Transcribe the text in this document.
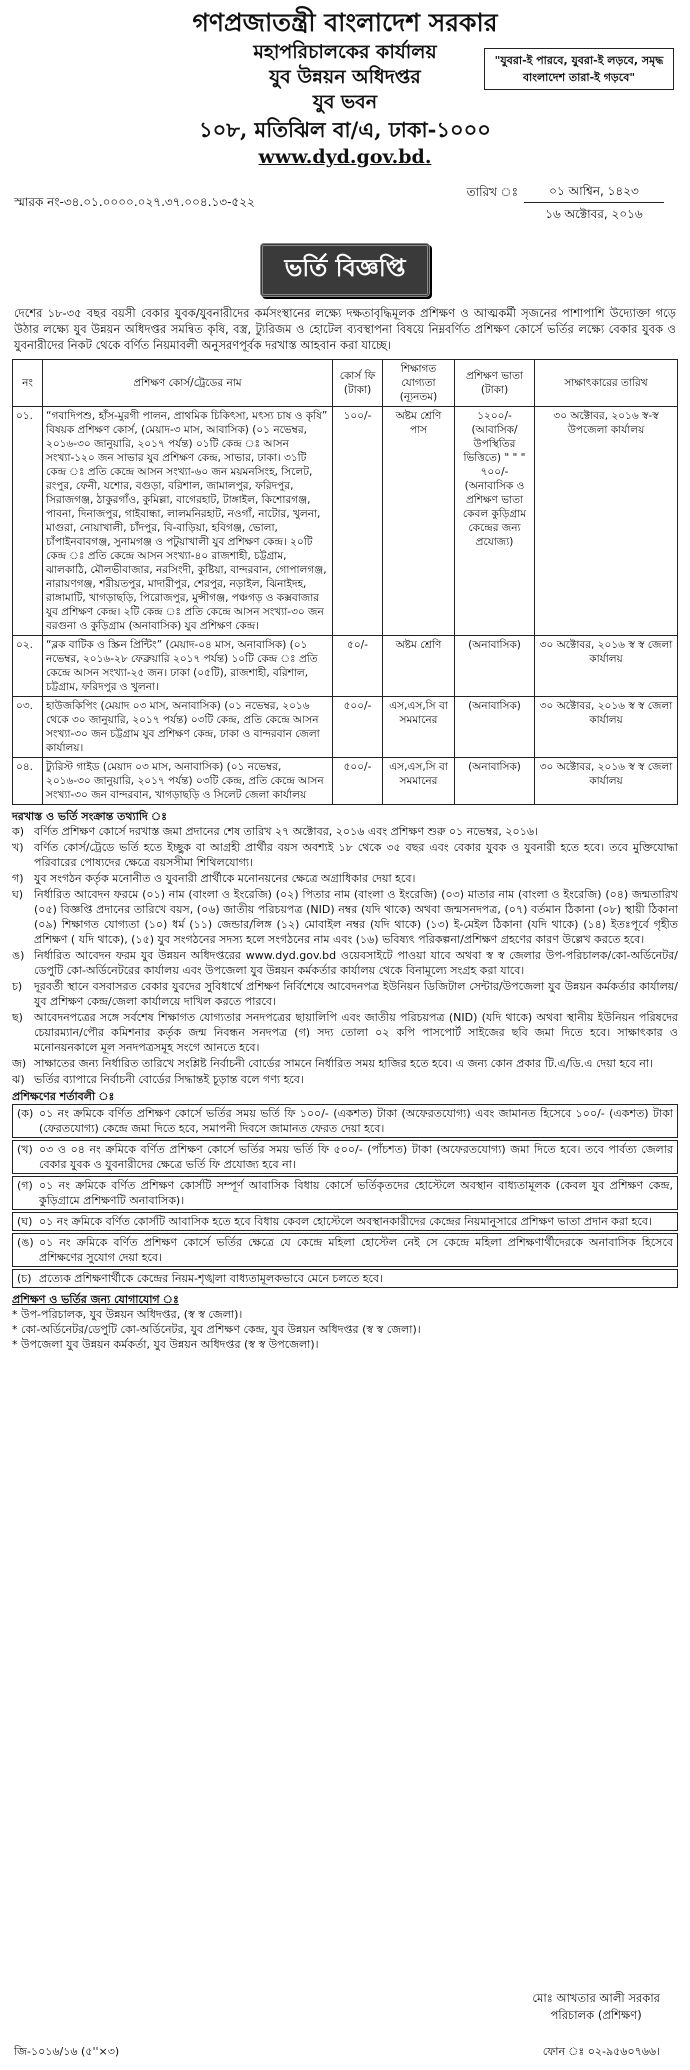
গণপ্রজাতন্ত্রী বাংলাদেশ সরকার
মহাপরিচালকের কার্যালয়
যুব উন্নয়ন অধিদপ্তর
যুব ভবন
১০৮, মতিঝিল বা/এ, ঢাকা-১০০০
www.dyd.gov.bd.
"যুবরা-ই পারবে, যুবরা-ই লড়বে, সমৃদ্ধ বাংলাদেশ তারা-ই গড়বে"
স্মারক নং-৩৪.০১.০০০০.০২৭.৩৭.০০৪.১৩-৫২২
০১ আশ্বিন, ১৪২৩
তারিখ ঃ
১৬ অক্টোবর, ২০১৬
ভর্তি বিজ্ঞপ্তি
দেশের ১৮-৩৫ বছর বয়সী বেকার যুবক/যুবনারীদের কর্মসংস্থানের লক্ষ্যে দক্ষতাবৃদ্ধিমূলক প্রশিক্ষণ ও আত্মকর্মী সৃজনের পাশাপাশি উদ্যোক্তা গড়ে উঠার লক্ষ্যে যুব উন্নয়ন অধিদপ্তর সমন্বিত কৃষি, বস্ত্র, ট্যুরিজম ও হোটেল ব্যবস্থাপনা বিষয়ে নিম্নবর্ণিত প্রশিক্ষণ কোর্সে ভর্তির লক্ষ্যে বেকার যুবক ও যুবনারীদের নিকট থেকে বর্ণিত নিয়মাবলী অনুসরণপূর্বক দরখাস্ত আহবান করা যাচ্ছে।
নং	প্রশিক্ষণ কোর্স/ট্রেডের নাম	কোর্স ফি (টাকা)	শিক্ষাগত যোগ্যতা (ন্যূনতম)	প্রশিক্ষণ ভাতা (টাকা)	সাক্ষাৎকারের তারিখ
০১.	“গবাদিপশু, হাঁস-মুরগী পালন, প্রাথমিক চিকিৎসা, মৎস্য চাষ ও কৃষি” বিষয়ক প্রশিক্ষণ কোর্স, (মেয়াদ-৩ মাস, আবাসিক) (০১ নভেম্বর, ২০১৬-৩০ জানুয়ারি, ২০১৭ পর্যন্ত) ০১টি কেন্দ্র ঃ আসন সংখ্যা-১২০ জন সাভার যুব প্রশিক্ষণ কেন্দ্র, সাভার, ঢাকা। ৩১টি কেন্দ্র ঃ প্রতি কেন্দ্রে আসন সংখ্যা-৬০ জন ময়মনসিংহ, সিলেট, রংপুর, ফেনী, যশোর, বগুড়া, বরিশাল, জামালপুর, ফরিদপুর, সিরাজগঞ্জ, ঠাকুরগাঁও, কুমিল্লা, বাগেরহাট, টাঙ্গাইল, কিশোরগঞ্জ, পাবনা, দিনাজপুর, গাইবান্ধা, লালমনিরহাট, নওগাঁ, নাটোর, খুলনা, মাগুরা, নোয়াখালী, চাঁদপুর, বি-বাড়িয়া, হবিগঞ্জ, ভোলা, চাঁপাইনবাবগঞ্জ, সুনামগঞ্জ ও পটুয়াখালী যুব প্রশিক্ষণ কেন্দ্র। ২০টি কেন্দ্র ঃ প্রতি কেন্দ্রে আসন সংখ্যা-৪০ রাজশাহী, চট্টগ্রাম, ঝালকাঠি, মৌলভীবাজার, নরসিংদী, কুষ্টিয়া, বান্দরবান, গোপালগঞ্জ, নারায়ণগঞ্জ, শরীয়তপুর, মাদারীপুর, শেরপুর, নড়াইল, ঝিনাইদহ, রাঙ্গামাটি, খাগড়াছড়ি, পিরোজপুর, মুন্সীগঞ্জ, পঞ্চগড় ও কক্সবাজার যুব প্রশিক্ষণ কেন্দ্র। ২টি কেন্দ্র ঃ প্রতি কেন্দ্রে আসন সংখ্যা-৩০ জন বরগুনা ও কুড়িগ্রাম (অনাবাসিক) যুব প্রশিক্ষণ কেন্দ্র।	১০০/-	অষ্টম শ্রেণি পাস	১২০০/- (আবাসিক/ উপস্থিতির ভিত্তিতে) " " " ৭০০/- (অনাবাসিক ও প্রশিক্ষণ ভাতা কেবল কুড়িগ্রাম কেন্দ্রের জন্য প্রযোজ্য)	৩০ অক্টোবর, ২০১৬ স্ব-স্ব উপজেলা কার্যালয়
০২.	“ব্লক বাটিক ও স্ক্রিন প্রিন্টিং” (মেয়াদ-০৪ মাস, অনাবাসিক) (০১ নভেম্বর, ২০১৬-২৮ ফেব্রুয়ারি ২০১৭ পর্যন্ত) ১০টি কেন্দ্র ঃ প্রতি কেন্দ্রে আসন সংখ্যা-২৫ জন। ঢাকা (০৫টি), রাজশাহী, বরিশাল, চট্টগ্রাম, ফরিদপুর ও খুলনা।	৫০/-	অষ্টম শ্রেণি	(অনাবাসিক)	৩০ অক্টোবর, ২০১৬ স্ব স্ব জেলা কার্যালয়
০৩.	হাউজকিপিং (মেয়াদ ০৩ মাস, অনাবাসিক) (০১ নভেম্বর, ২০১৬ থেকে ৩০ জানুয়ারি, ২০১৭ পর্যন্ত) ০৩টি কেন্দ্র, প্রতি কেন্দ্রে আসন সংখ্যা-৩০ জন চট্টগ্রাম যুব প্রশিক্ষণ কেন্দ্র, ঢাকা ও বান্দরবান জেলা কার্যালয়।	৫০০/-	এস,এস,সি বা সমমানের	(অনাবাসিক)	৩০ অক্টোবর, ২০১৬ স্ব স্ব জেলা কার্যালয়
০৪.	ট্যুরিস্ট গাইড (মেয়াদ ০৩ মাস, অনাবাসিক) (০১ নভেম্বর, ২০১৬-৩০ জানুয়ারি, ২০১৭ পর্যন্ত) ০৩টি কেন্দ্র, প্রতি কেন্দ্রে আসন সংখ্যা-৩০ জন বান্দরবান, খাগড়াছড়ি ও সিলেট জেলা কার্যালয়	৫০০/-	এস,এস,সি বা সমমানের	(অনাবাসিক)	৩০ অক্টোবর, ২০১৬ স্ব স্ব জেলা কার্যালয়
দরখাস্ত ও ভর্তি সংক্রান্ত তথ্যাদি ঃ
ক) বর্ণিত প্রশিক্ষণ কোর্সে দরখাস্ত জমা প্রদানের শেষ তারিখ ২৭ অক্টোবর, ২০১৬ এবং প্রশিক্ষণ শুরু ০১ নভেম্বর, ২০১৬।
খ) বর্ণিত কোর্স/ট্রেডে ভর্তি হতে ইচ্ছুক বা আগ্রহী প্রার্থীর বয়স অবশ্যই ১৮ থেকে ৩৫ বছর এবং বেকার যুবক ও যুবনারী হতে হবে। তবে মুক্তিযোদ্ধা পরিবারের পোষ্যদের ক্ষেত্রে বয়সসীমা শিথিলযোগ্য।
গ) যুব সংগঠন কর্তৃক মনোনীত ও যুবনারী প্রার্থীকে মনোনয়নের ক্ষেত্রে অগ্রাধিকার দেয়া হবে।
ঘ) নির্ধারিত আবেদন ফরমে (০১) নাম (বাংলা ও ইংরেজি) (০২) পিতার নাম (বাংলা ও ইংরেজি) (০৩) মাতার নাম (বাংলা ও ইংরেজি) (০৪) জন্মতারিখ (০৫) বিজ্ঞপ্তি প্রদানের তারিখে বয়স, (০৬) জাতীয় পরিচয়পত্র (NID) নম্বর (যদি থাকে) অথবা জন্মসনদপত্র, (০৭) বর্তমান ঠিকানা (০৮) স্থায়ী ঠিকানা (০৯) শিক্ষাগত যোগ্যতা (১০) ধর্ম (১১) জেন্ডার/লিঙ্গ (১২) মোবাইল নম্বর (যদি থাকে) (১৩) ই-মেইল ঠিকানা (যদি থাকে) (১৪) ইতঃপূর্বে গৃহীত প্রশিক্ষণ ( যদি থাকে), (১৫) যুব সংগঠনের সদস্য হলে সংগঠনের নাম এবং (১৬) ভবিষ্যৎ পরিকল্পনা/প্রশিক্ষণ গ্রহণের কারণ উল্লেখ করতে হবে।
ঙ) নির্ধারিত আবেদন ফরম যুব উন্নয়ন অধিদপ্তরের www.dyd.gov.bd ওয়েবসাইটে পাওয়া যাবে অথবা স্ব স্ব জেলার উপ-পরিচালক/কো-অর্ডিনেটর/ডেপুটি কো-অর্ডিনেটরের কার্যালয় এবং উপজেলা যুব উন্নয়ন কর্মকর্তার কার্যালয় থেকে বিনামূল্যে সংগ্রহ করা যাবে।
চ)	দূরবর্তী স্থানে বসবাসরত বেকার যুবদের সুবিধার্থে প্রশিক্ষণ নির্বিশেষে আবেদনপত্র ইউনিয়ন ডিজিটাল সেন্টার/উপজেলা যুব উন্নয়ন কর্মকর্তার কার্যালয়/যুব প্রশিক্ষণ কেন্দ্র/জেলা কার্যালয়ে দাখিল করতে পারবে।
ছ)	আবেদনপত্রের সঙ্গে সর্বশেষ শিক্ষাগত যোগ্যতার সনদপত্রের ছায়ালিপি এবং জাতীয় পরিচয়পত্র (NID) (যদি থাকে) অথবা স্থানীয় ইউনিয়ন পরিষদের চেয়ারম্যান/পৌর কমিশনার কর্তৃক জন্ম নিবন্ধন সনদপত্র (গ) সদ্য তোলা ০২ কপি পাসপোর্ট সাইজের ছবি জমা দিতে হবে। সাক্ষাৎকার ও মনোনয়নকালে মূল সনদপত্রসমূহ সংগে আনতে হবে।
জ) সাক্ষাতের জন্য নির্ধারিত তারিখে সংশ্লিষ্ট নির্বাচনী বোর্ডের সামনে নির্ধারিত সময় হাজির হতে হবে। এ জন্য কোন প্রকার টি.এ/ডি.এ দেয়া হবে না।
ঝ) ভর্তির ব্যাপারে নির্বাচনী বোর্ডের সিদ্ধান্তই চূড়ান্ত বলে গণ্য হবে।
প্রশিক্ষণের শর্তাবলী ঃ
(ক) ০১ নং ক্রমিকে বর্ণিত প্রশিক্ষণ কোর্সে ভর্তির সময় ভর্তি ফি ১০০/- (একশত) টাকা (অফেরতযোগ্য) এবং জামানত হিসেবে ১০০/- (একশত) টাকা (ফেরতযোগ্য) কেন্দ্রে জমা দিতে হবে, সমাপনী দিবসে জামানত ফেরত দেয়া হবে।
(খ) ০৩ ও ০৪ নং ক্রমিকে বর্ণিত প্রশিক্ষণ কোর্সে ভর্তির সময় ভর্তি ফি ৫০০/- (পাঁচশত) টাকা (অফেরতযোগ্য) জমা দিতে হবে। তবে পার্বত্য জেলার বেকার যুবক ও যুবনারীদের ক্ষেত্রে ভর্তি ফি প্রযোজ্য হবে না।
(গ) ০১ নং ক্রমিকে বর্ণিত প্রশিক্ষণ কোর্সটি সম্পূর্ণ আবাসিক বিধায় কোর্সে ভর্তিকৃতদের হোস্টেলে অবস্থান বাধ্যতামূলক (কেবল যুব প্রশিক্ষণ কেন্দ্র, কুড়িগ্রামে প্রশিক্ষণটি অনাবাসিক)।
(ঘ) ০১ নং ক্রমিকে বর্ণিত কোর্সটি আবাসিক হতে হবে বিধায় কেবল হোস্টেলে অবস্থানকারীদের কেন্দ্রের নিয়মানুসারে প্রশিক্ষণ ভাতা প্রদান করা হবে।
(ঙ) ০১ নং ক্রমিকে বর্ণিত প্রশিক্ষণ কোর্সে ভর্তির ক্ষেত্রে যে কেন্দ্রে মহিলা হোস্টেল নেই সে কেন্দ্রে মহিলা প্রশিক্ষণার্থীদেরকে অনাবাসিক হিসেবে প্রশিক্ষণের সুযোগ দেয়া হবে।
(চ) প্রত্যেক প্রশিক্ষণার্থীকে কেন্দ্রের নিয়ম-শৃঙ্খলা বাধ্যতামূলকভাবে মেনে চলতে হবে।
প্রশিক্ষণ ও ভর্তির জন্য যোগাযোগ ঃ
* উপ-পরিচালক, যুব উন্নয়ন অধিদপ্তর, (স্ব স্ব জেলা)।
* কো-অর্ডিনেটর/ডেপুটি কো-অর্ডিনেটর, যুব প্রশিক্ষণ কেন্দ্র, যুব উন্নয়ন অধিদপ্তর (স্ব স্ব জেলা)।
* উপজেলা যুব উন্নয়ন কর্মকর্তা, যুব উন্নয়ন অধিদপ্তর (স্ব স্ব উপজেলা)।
মোঃ আখতার আলী সরকার
পরিচালক (প্রশিক্ষণ)
জি-১০১৬/১৬ (৫''×৩)	ফোন ঃ ০২-৯৫৬০৭৬৬।
